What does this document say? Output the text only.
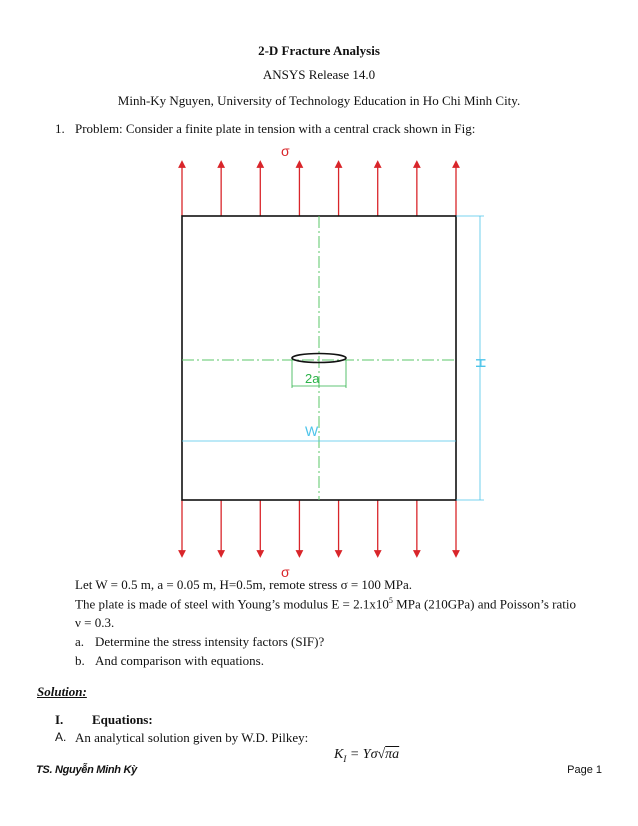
2-D Fracture Analysis
ANSYS Release 14.0
Minh-Ky Nguyen, University of Technology Education in Ho Chi Minh City.
1. Problem: Consider a finite plate in tension with a central crack shown in Fig:
2a
W
H
σ
σ
Let W = 0.5 m, a = 0.05 m, H=0.5m, remote stress σ = 100 MPa.
The plate is made of steel with Young’s modulus $E = 2.1x10^5$ MPa (210GPa) and Poisson’s ratio
ν = 0.3.
a. Determine the stress intensity factors (SIF)?
b. And comparison with equations.
Solution:
I. Equations:
A. An analytical solution given by W.D. Pilkey:
$K_I = Y\sigma√\pi a$
TS. Nguyễn Minh Kỳ	Page 1
